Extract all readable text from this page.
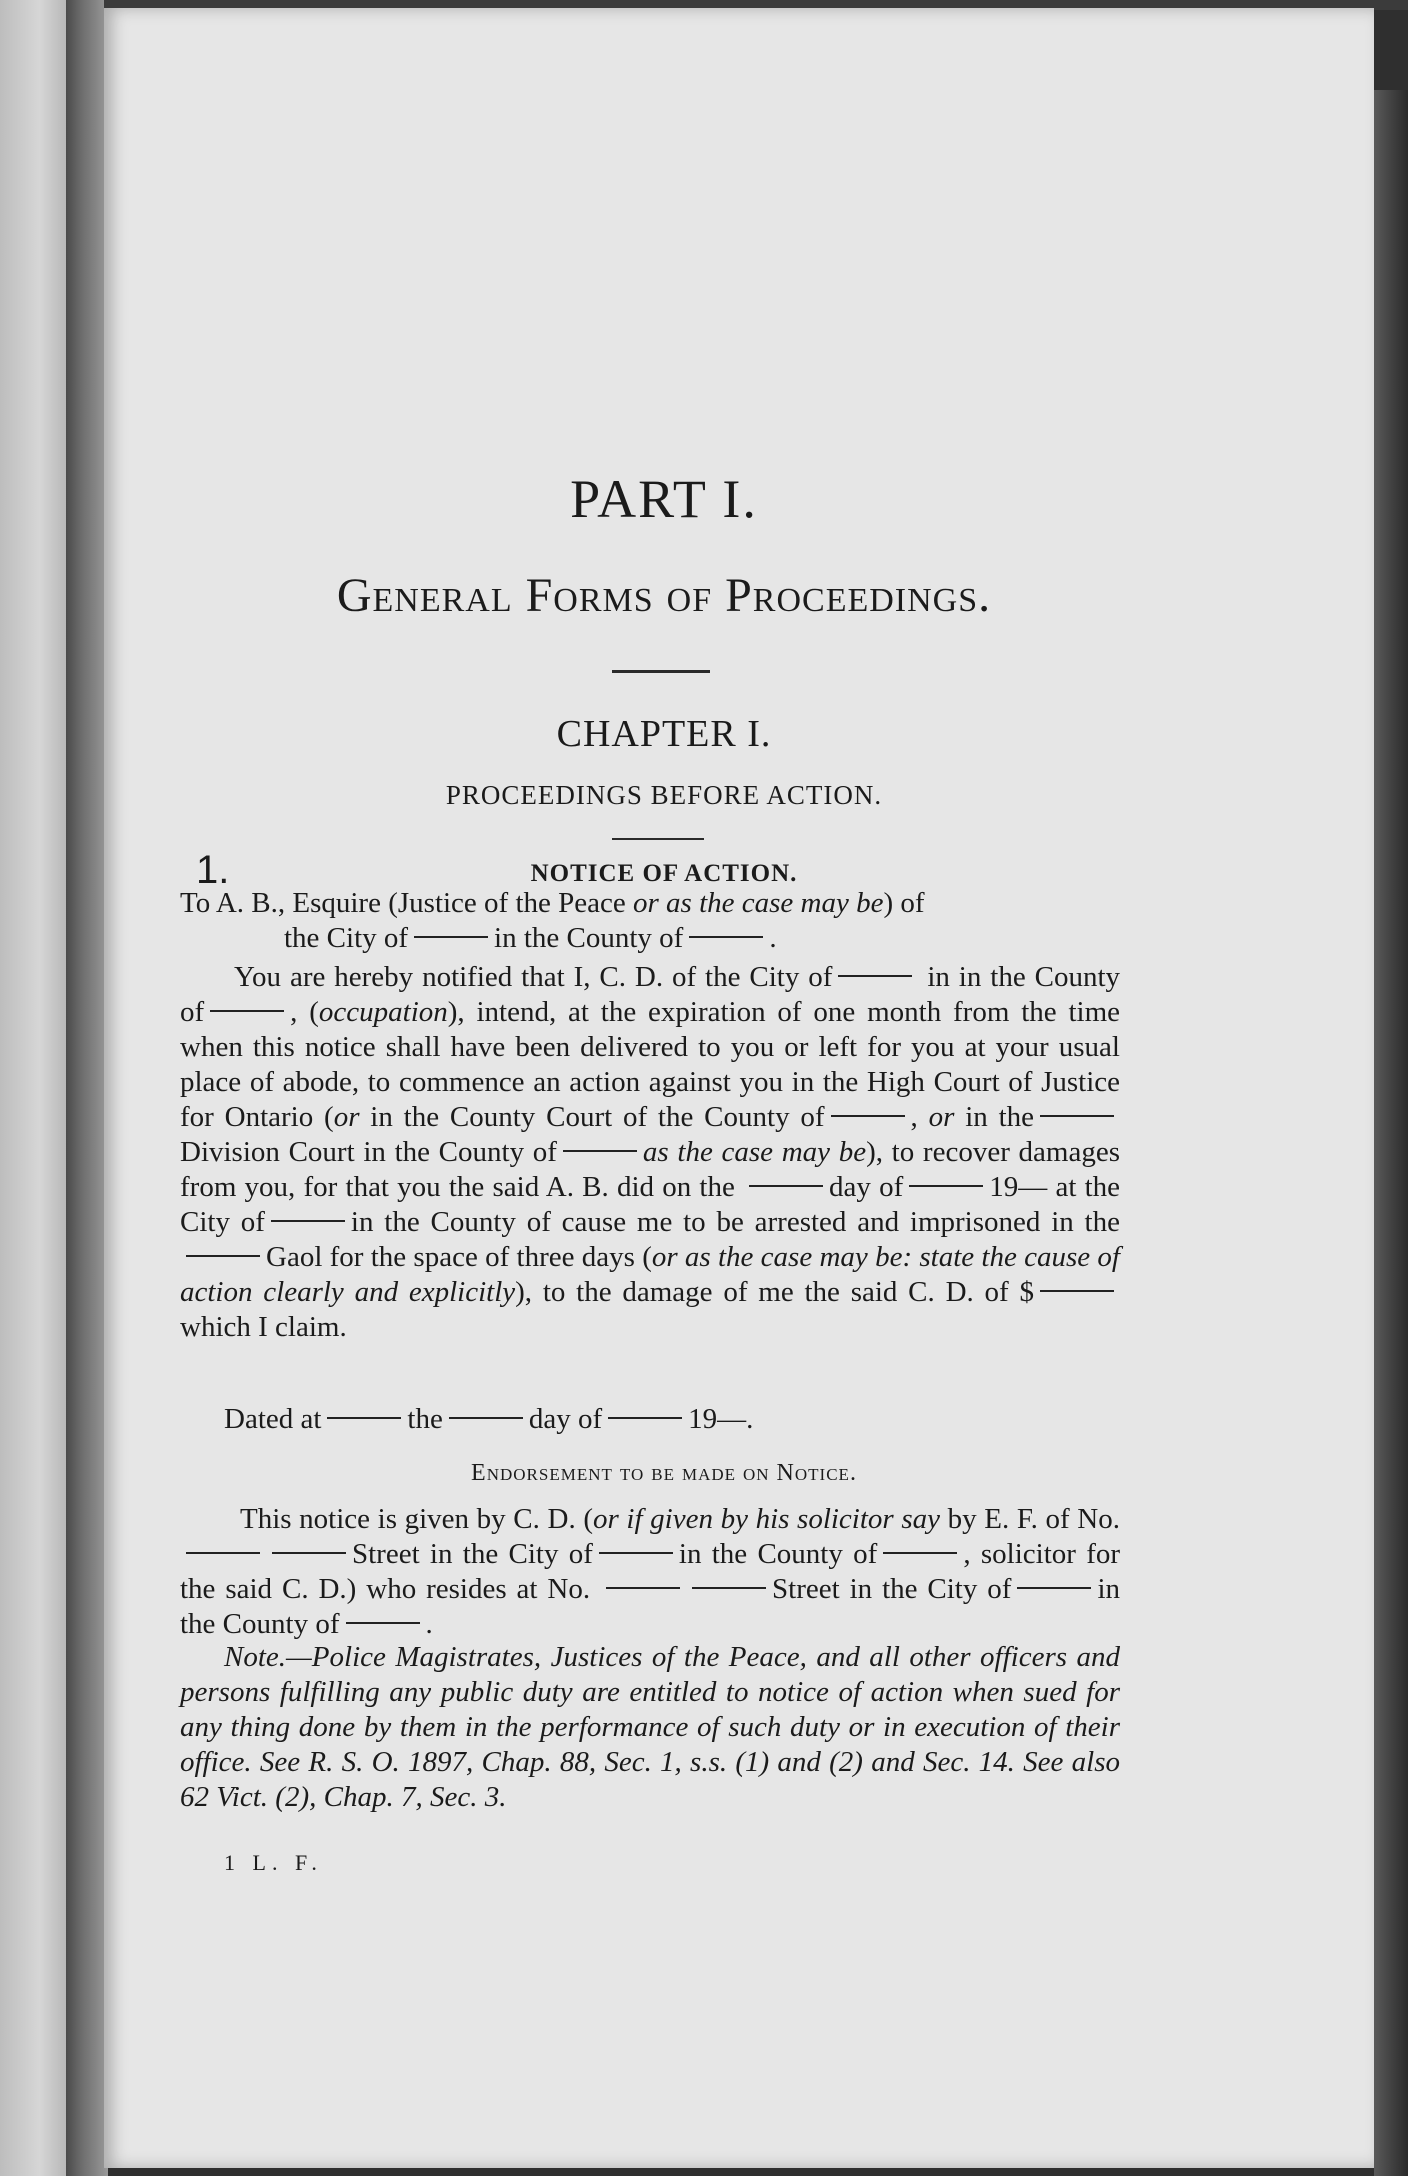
PART I.
General Forms of Proceedings.
CHAPTER I.
PROCEEDINGS BEFORE ACTION.
1.	NOTICE OF ACTION.

To A. B., Esquire (Justice of the Peace or as the case may be) of

the City of	in the County of	.

You are hereby notified that I, C. D. of the City of	in in the County of	, (occupation), intend, at the expiration of one month from the time when this notice shall have been delivered to you or left for you at your usual place of abode, to commence an action against you in the High Court of Justice for Ontario (or in the County Court of the County of	, or in the Division Court in the County of	as the case may be), to recover damages from you, for that you the said A. B. did on the	day of	19— at the City of	in the County of cause me to be arrested and imprisoned in theGaol for the space of three days (or as the case may be: state the cause of action clearly and explicitly), to the damage of me the said C. D. of $which I claim.

Dated at	the	day of	19—.
Endorsement to be made on Notice.

This notice is given by C. D. (or if given by his solicitor say by E. F. of No.Street in the City of	in the County of	, solicitor for the said C. D.) who resides at No.	Street in the City of	in the County of	.

Note.—Police Magistrates, Justices of the Peace, and all other officers and persons fulfilling any public duty are entitled to notice of action when sued for any thing done by them in the performance of such duty or in execution of their office. See R. S. O. 1897, Chap. 88, Sec. 1, s.s. (1) and (2) and Sec. 14. See also 62 Vict. (2), Chap. 7, Sec. 3.

1 L. F.
